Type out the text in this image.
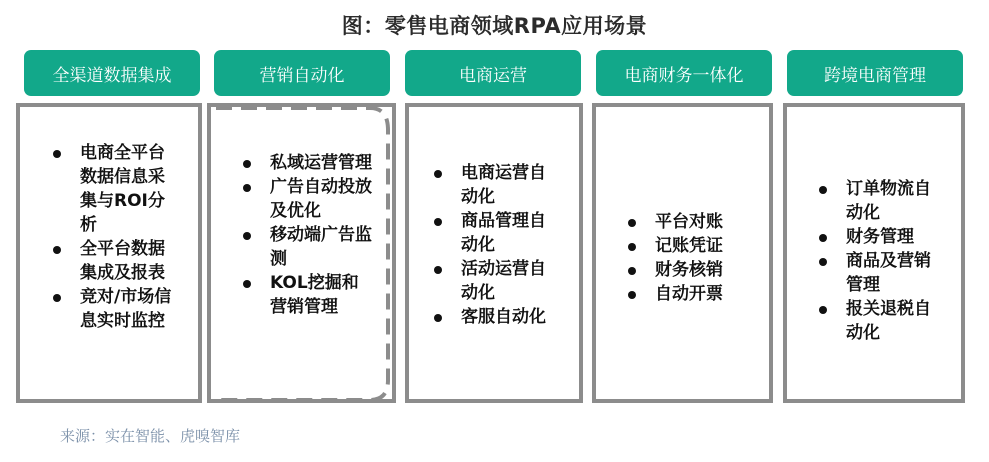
图：零售电商领域RPA应用场景
全渠道数据集成	营销自动化	电商运营	电商财务一体化	跨境电商管理
电商全平台数据信息采集与ROI分析
全平台数据集成及报表
竞对/市场信息实时监控
私域运营管理
广告自动投放及优化
移动端广告监测
KOL挖掘和营销管理
电商运营自动化
商品管理自动化
活动运营自动化
客服自动化
平台对账
记账凭证
财务核销
自动开票
订单物流自动化
财务管理
商品及营销管理
报关退税自动化
来源：实在智能、虎嗅智库
